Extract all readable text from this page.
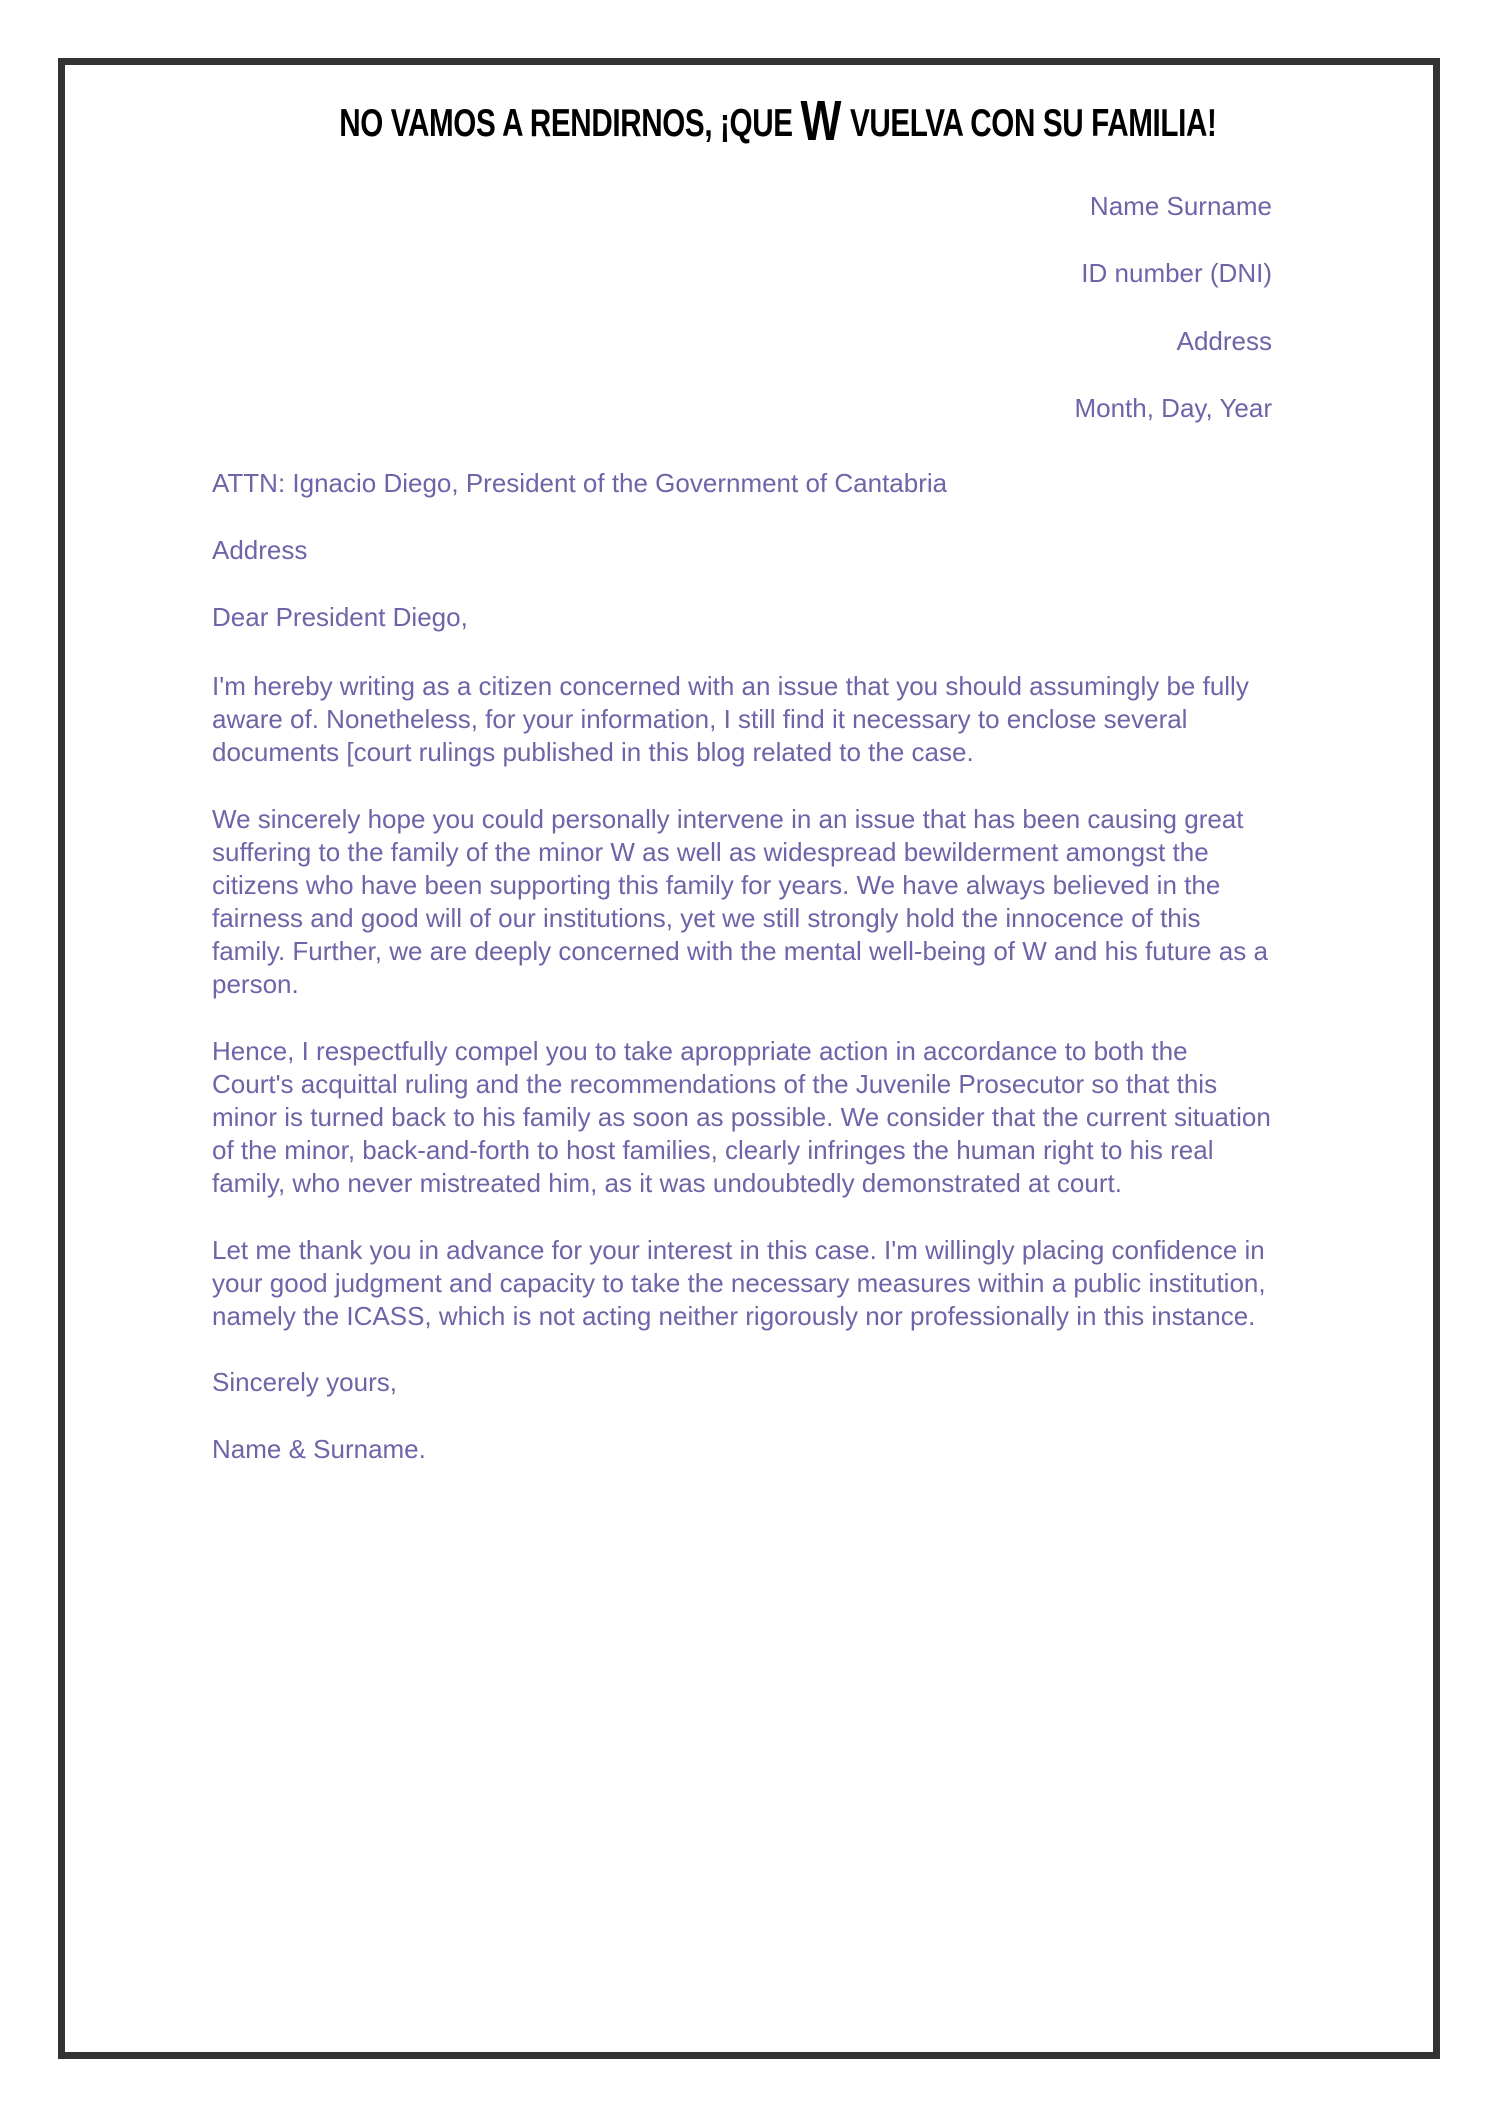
NO VAMOS A RENDIRNOS, ¡QUE W VUELVA CON SU FAMILIA!

Name Surname

ID number (DNI)

Address

Month, Day, Year

ATTN: Ignacio Diego, President of the Government of Cantabria

Address

Dear President Diego,

I'm hereby writing as a citizen concerned with an issue that you should assumingly be fully aware of. Nonetheless, for your information, I still find it necessary to enclose several documents [court rulings published in this blog related to the case.

We sincerely hope you could personally intervene in an issue that has been causing great suffering to the family of the minor W as well as widespread bewilderment amongst the citizens who have been supporting this family for years. We have always believed in the fairness and good will of our institutions, yet we still strongly hold the innocence of this family. Further, we are deeply concerned with the mental well-being of W and his future as a person.

Hence, I respectfully compel you to take aproppriate action in accordance to both the Court's acquittal ruling and the recommendations of the Juvenile Prosecutor so that this minor is turned back to his family as soon as possible. We consider that the current situation of the minor, back-and-forth to host families, clearly infringes the human right to his real family, who never mistreated him, as it was undoubtedly demonstrated at court.

Let me thank you in advance for your interest in this case. I'm willingly placing confidence in your good judgment and capacity to take the necessary measures within a public institution, namely the ICASS, which is not acting neither rigorously nor professionally in this instance.

Sincerely yours,

Name & Surname.
